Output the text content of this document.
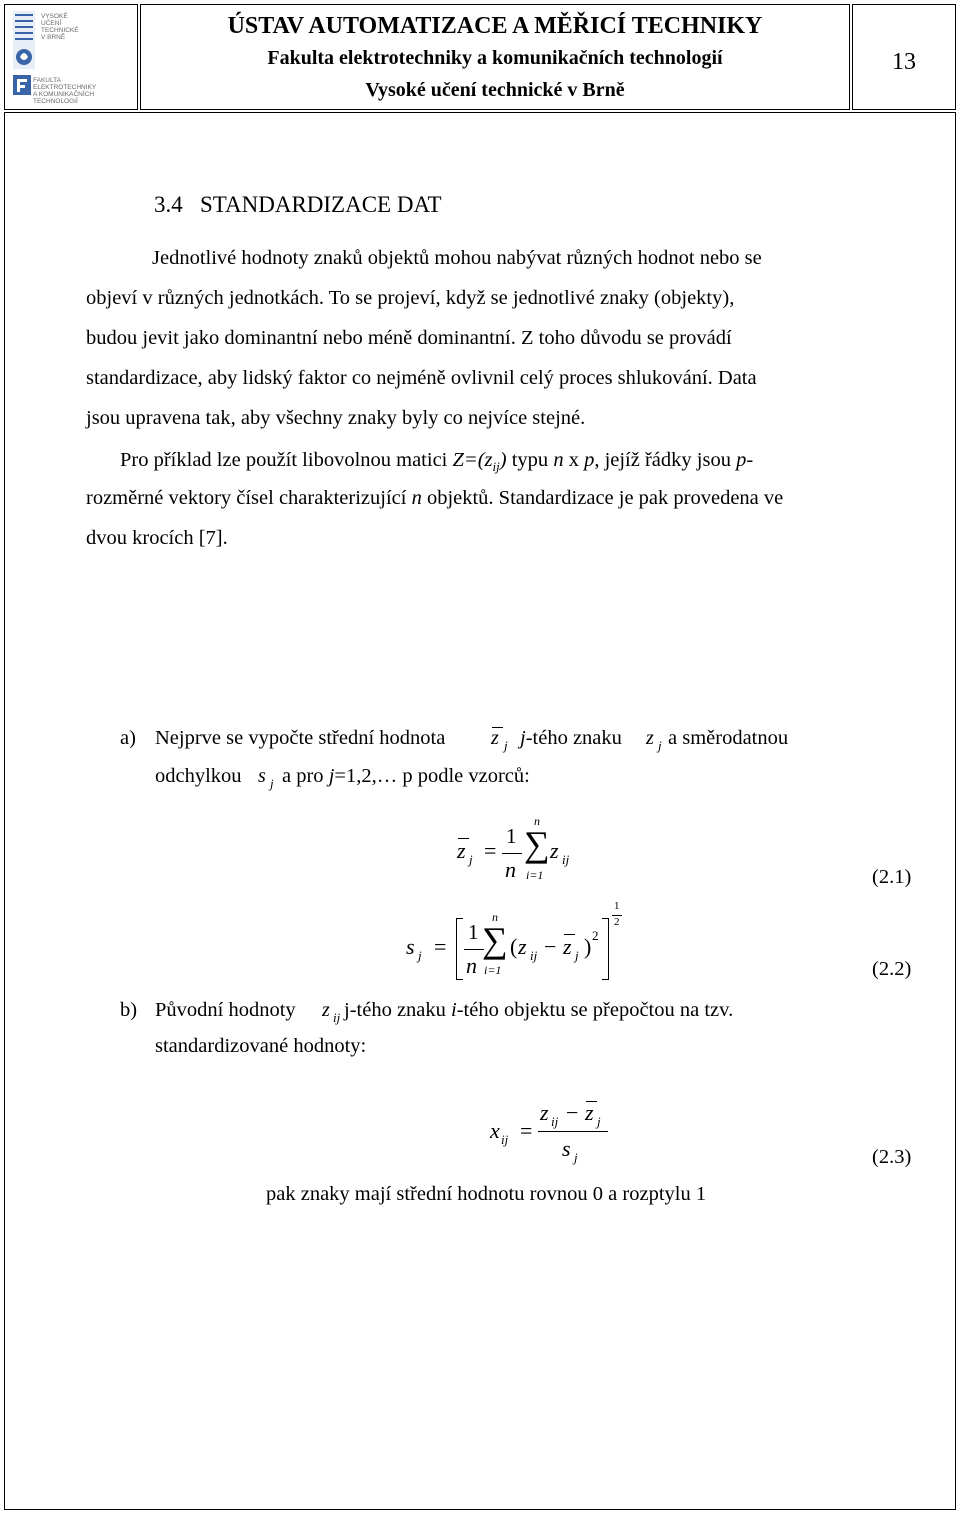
VYSOKÉ
UČENÍ
TECHNICKÉ
V BRNĚ
FAKULTA
ELEKTROTECHNIKY
A KOMUNIKAČNÍCH
TECHNOLOGIÍ
ÚSTAV AUTOMATIZACE A MĚŘICÍ TECHNIKY
Fakulta elektrotechniky a komunikačních technologií
Vysoké učení technické v Brně
13
3.4   STANDARDIZACE DAT
Jednotlivé hodnoty znaků objektů mohou nabývat různých hodnot nebo se
objeví v různých jednotkách. To se projeví, když se jednotlivé znaky (objekty),
budou jevit jako dominantní nebo méně dominantní. Z toho důvodu se provádí
standardizace, aby lidský faktor co nejméně ovlivnil celý proces shlukování. Data
jsou upravena tak, aby všechny znaky byly co nejvíce stejné.
Pro příklad lze použít libovolnou matici $Z=(z_{ij})$ typu n x p, jejíž řádky jsou p-
rozměrné vektory čísel charakterizující n objektů. Standardizace je pak provedena ve
dvou krocích [7].
a) Nejprve se vypočte střední hodnota z j j-tého znaku z j a směrodatnou
odchylkou s j a pro j=1,2,… p podle vzorců:
z j =
1
n
n
∑
i=1
z ij
(2.1)
s j =
1
n
n
∑
i=1
( z ij − z j ) 2
1
2
(2.2)
b) Původní hodnoty z ij j-tého znaku i-tého objektu se přepočtou na tzv.
standardizované hodnoty:
x ij =
z ij − z j
s j	(2.3)
pak znaky mají střední hodnotu rovnou 0 a rozptylu 1
